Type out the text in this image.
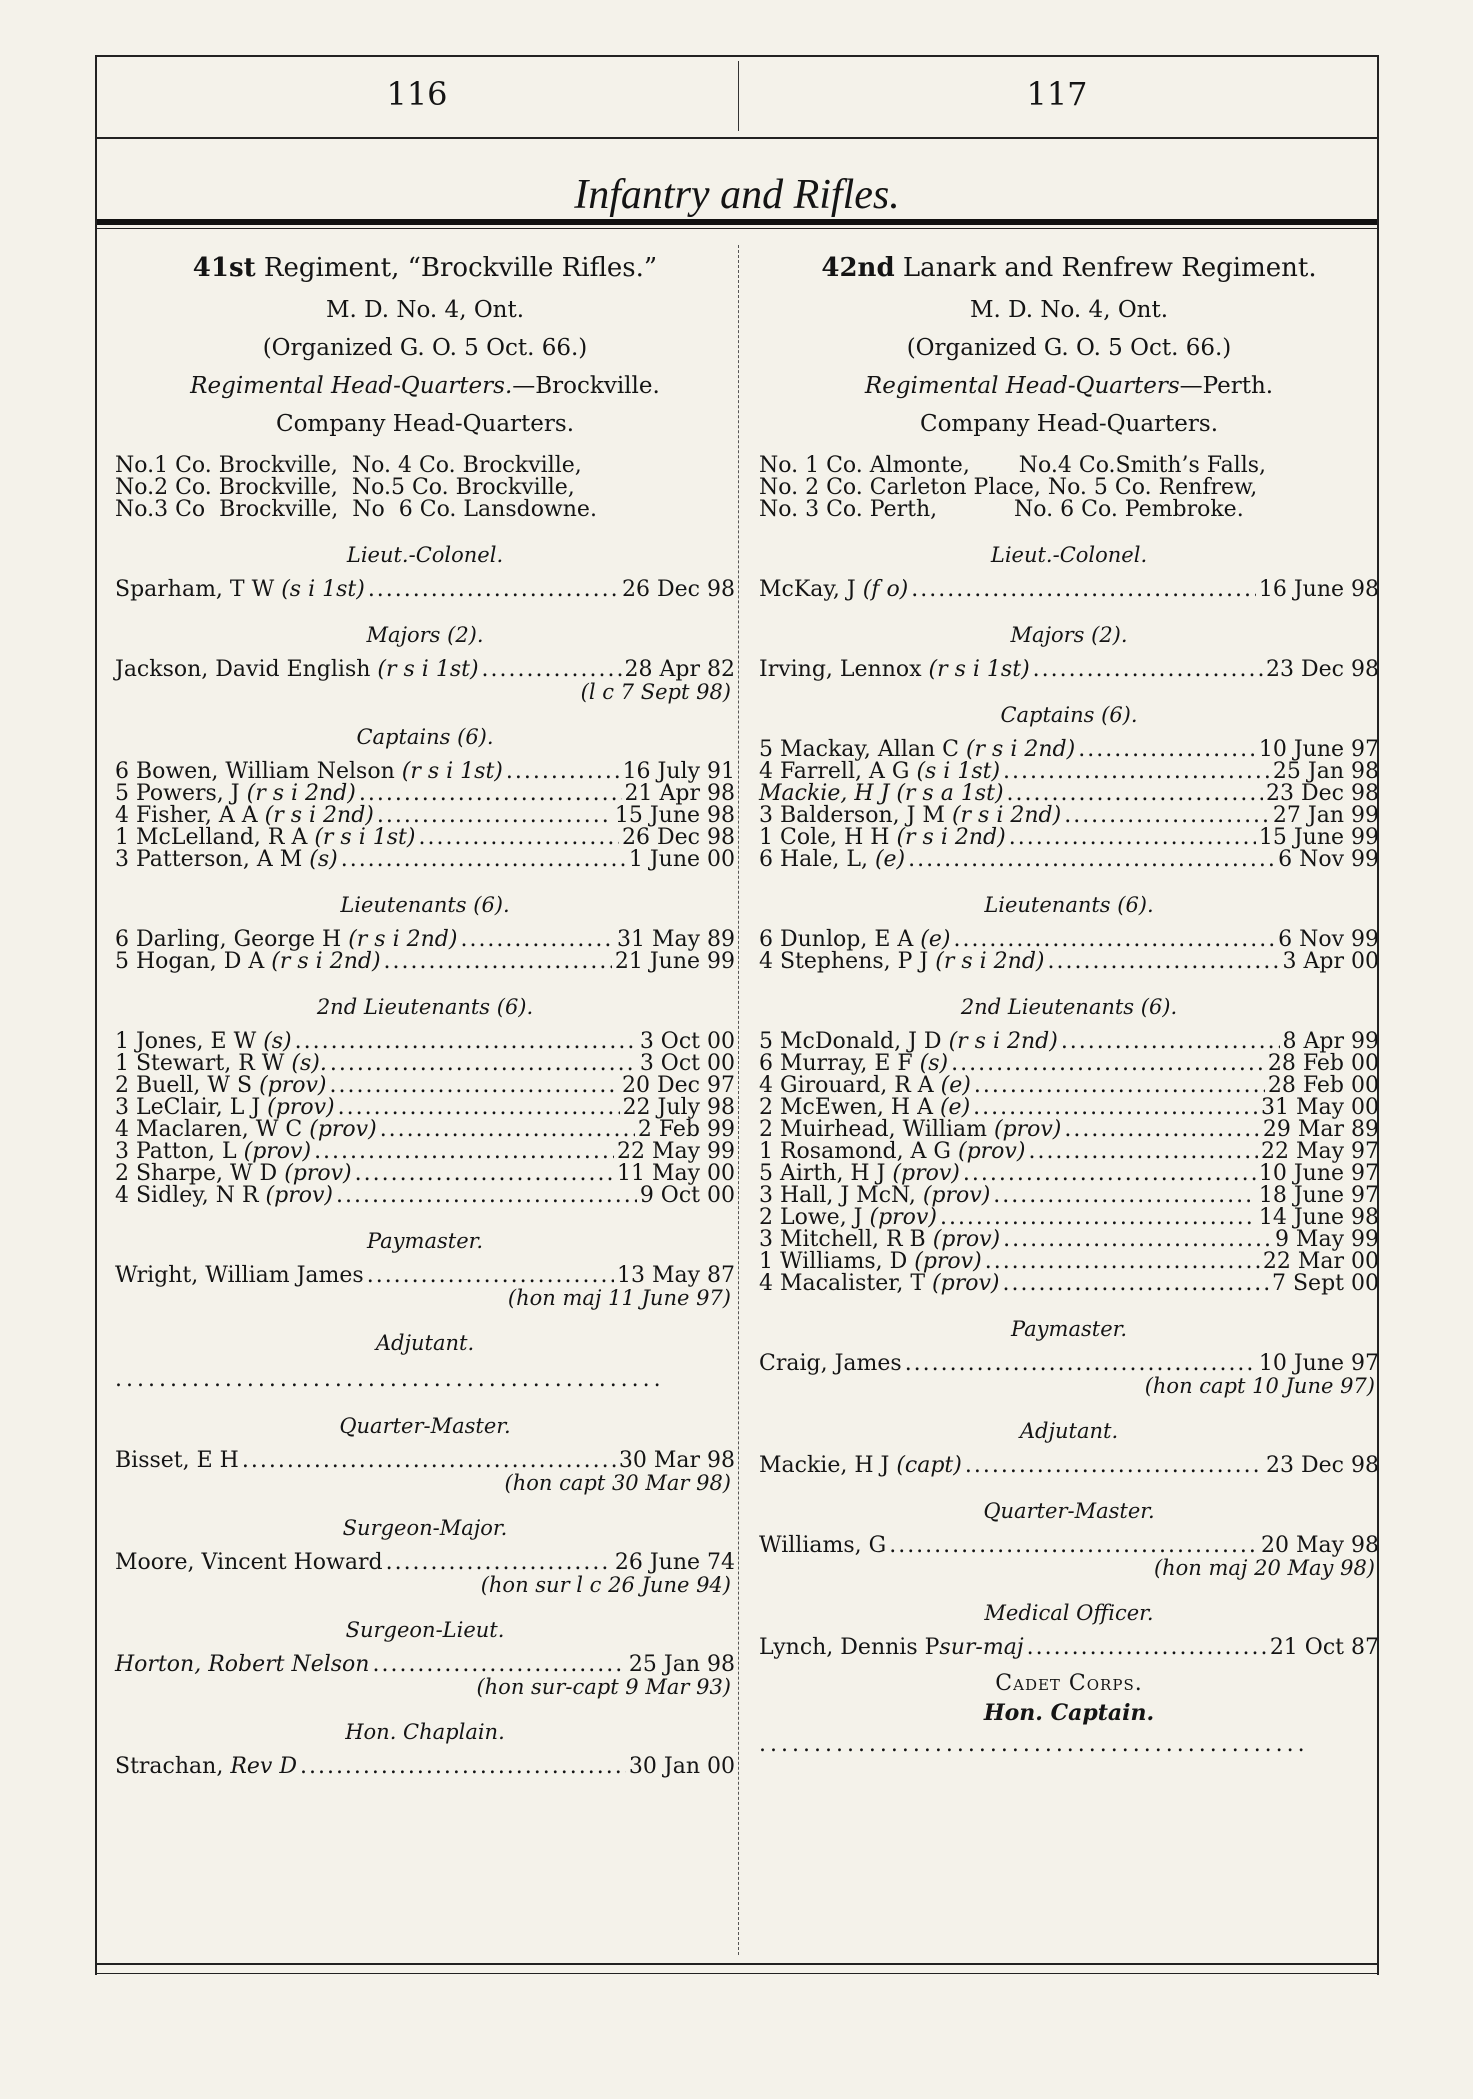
116	117
Infantry and Rifles.
41st Regiment, “Brockville Rifles.”
M. D. No. 4, Ont.
(Organized G. O. 5 Oct. 66.)
Regimental Head-Quarters.—Brockville.
Company Head-Quarters.
No.1 Co. Brockville,  No. 4 Co. Brockville,
No.2 Co. Brockville,  No.5 Co. Brockville,
No.3 Co  Brockville,  No  6 Co. Lansdowne.
Lieut.-Colonel.
Sparham, T W (s i 1st) .....	26 Dec 98
Majors (2).
Jackson, David English (r s i 1st) .....	28 Apr 82
(l c 7 Sept 98)
Captains (6).
6 Bowen, William Nelson (r s i 1st) .....	16 July 91
5 Powers, J (r s i 2nd) .....	21 Apr 98
4 Fisher, A A (r s i 2nd) .....	15 June 98
1 McLelland, R A (r s i 1st) .....	26 Dec 98
3 Patterson, A M (s) .....	1 June 00
Lieutenants (6).
6 Darling, George H (r s i 2nd) .....	31 May 89
5 Hogan, D A (r s i 2nd) .....	21 June 99
2nd Lieutenants (6).
1 Jones, E W (s) .....	3 Oct 00
1 Stewart, R W (s). .....	3 Oct 00
2 Buell, W S (prov) .....	20 Dec 97
3 LeClair, L J (prov) .....	22 July 98
4 Maclaren, W C (prov) .....	2 Feb 99
3 Patton, L (prov) .....	22 May 99
2 Sharpe, W D (prov) .....	11 May 00
4 Sidley, N R (prov) .....	9 Oct 00
Paymaster.
Wright, William James .....	13 May 87
(hon maj 11 June 97)
Adjutant.
..................................................
Quarter-Master.
Bisset, E H .....	30 Mar 98
(hon capt 30 Mar 98)
Surgeon-Major.
Moore, Vincent Howard .....	26 June 74
(hon sur l c 26 June 94)
Surgeon-Lieut.
Horton, Robert Nelson .....	25 Jan 98
(hon sur-capt 9 Mar 93)
Hon. Chaplain.
Strachan, Rev D .....	30 Jan 00
42nd Lanark and Renfrew Regiment.
M. D. No. 4, Ont.
(Organized G. O. 5 Oct. 66.)
Regimental Head-Quarters—Perth.
Company Head-Quarters.
No. 1 Co. Almonte,       No.4 Co.Smith’s Falls,
No. 2 Co. Carleton Place, No. 5 Co. Renfrew,
No. 3 Co. Perth,           No. 6 Co. Pembroke.
Lieut.-Colonel.
McKay, J (f o) .....	16 June 98
Majors (2).
Irving, Lennox (r s i 1st) .....	23 Dec 98
Captains (6).
5 Mackay, Allan C (r s i 2nd) .....	10 June 97
4 Farrell, A G (s i 1st) .....	25 Jan 98
Mackie, H J (r s a 1st) .....	23 Dec 98
3 Balderson, J M (r s i 2nd) .....	27 Jan 99
1 Cole, H H (r s i 2nd) .....	15 June 99
6 Hale, L, (e) .....	6 Nov 99
Lieutenants (6).
6 Dunlop, E A (e) .....	6 Nov 99
4 Stephens, P J (r s i 2nd) .....	3 Apr 00
2nd Lieutenants (6).
5 McDonald, J D (r s i 2nd) .....	8 Apr 99
6 Murray, E F (s) .....	28 Feb 00
4 Girouard, R A (e) .....	28 Feb 00
2 McEwen, H A (e) .....	31 May 00
2 Muirhead, William (prov) .....	29 Mar 89
1 Rosamond, A G (prov) .....	22 May 97
5 Airth, H J (prov) .....	10 June 97
3 Hall, J McN, (prov) .....	18 June 97
2 Lowe, J (prov) .....	14 June 98
3 Mitchell, R B (prov) .....	9 May 99
1 Williams, D (prov) .....	22 Mar 00
4 Macalister, T (prov) .....	7 Sept 00
Paymaster.
Craig, James .....	10 June 97
(hon capt 10 June 97)
Adjutant.
Mackie, H J (capt) .....	23 Dec 98
Quarter-Master.
Williams, G .....	20 May 98
(hon maj 20 May 98)
Medical Officer.
Lynch, Dennis Psur-maj .....	21 Oct 87
Cadet Corps.
Hon. Captain.
..................................................
